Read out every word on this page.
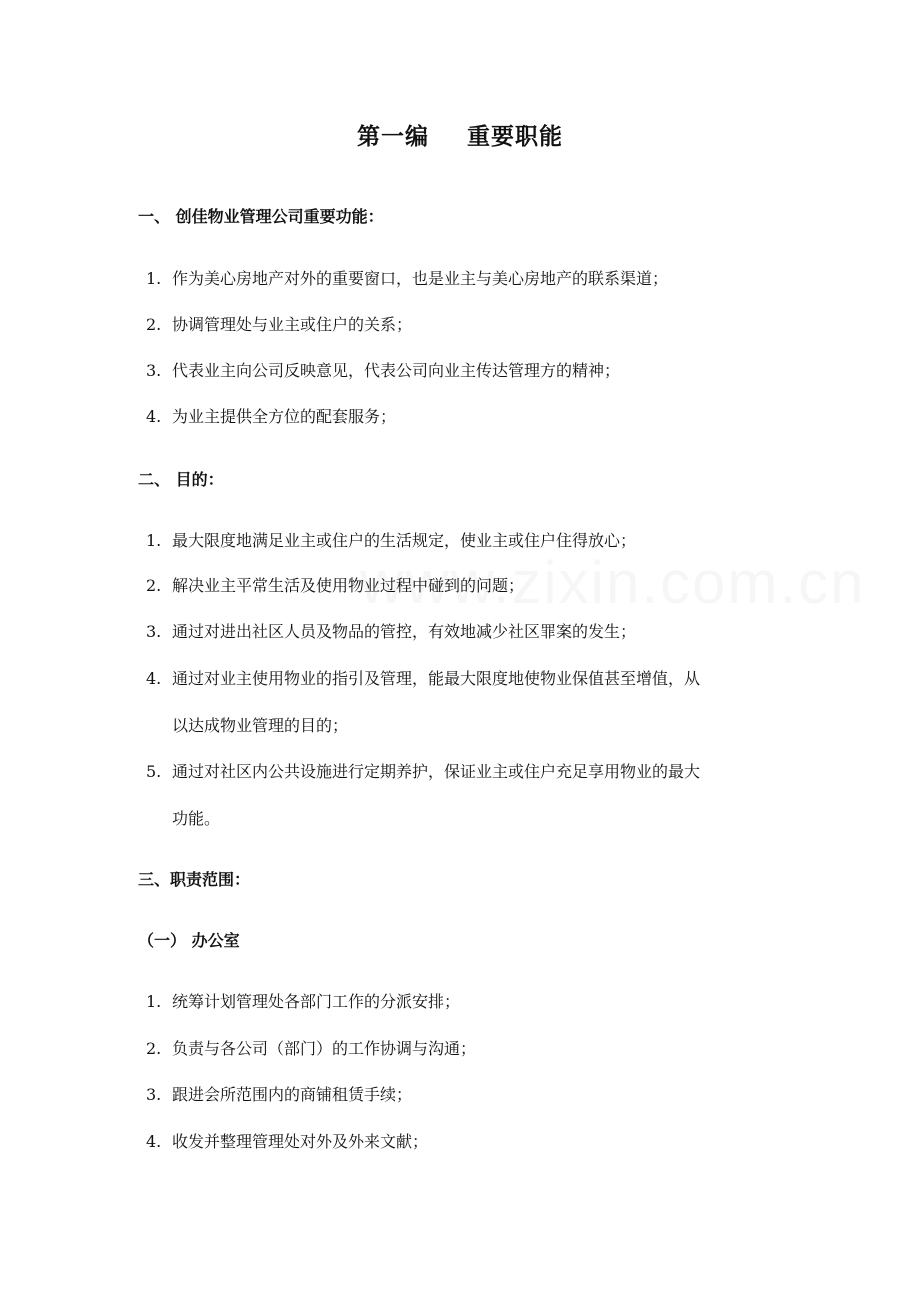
第一编 重要职能
一、 创佳物业管理公司重要功能：
1. 作为美心房地产对外的重要窗口，也是业主与美心房地产的联系渠道；
2. 协调管理处与业主或住户的关系；
3. 代表业主向公司反映意见，代表公司向业主传达管理方的精神；
4. 为业主提供全方位的配套服务；
二、 目的：
1. 最大限度地满足业主或住户的生活规定，使业主或住户住得放心；
2. 解决业主平常生活及使用物业过程中碰到的问题；
3. 通过对进出社区人员及物品的管控，有效地减少社区罪案的发生；
4. 通过对业主使用物业的指引及管理，能最大限度地使物业保值甚至增值，从
以达成物业管理的目的；
5. 通过对社区内公共设施进行定期养护，保证业主或住户充足享用物业的最大
功能。
三、职责范围：
（一） 办公室
1. 统筹计划管理处各部门工作的分派安排；
2. 负责与各公司（部门）的工作协调与沟通；
3. 跟进会所范围内的商铺租赁手续；
4. 收发并整理管理处对外及外来文献；
